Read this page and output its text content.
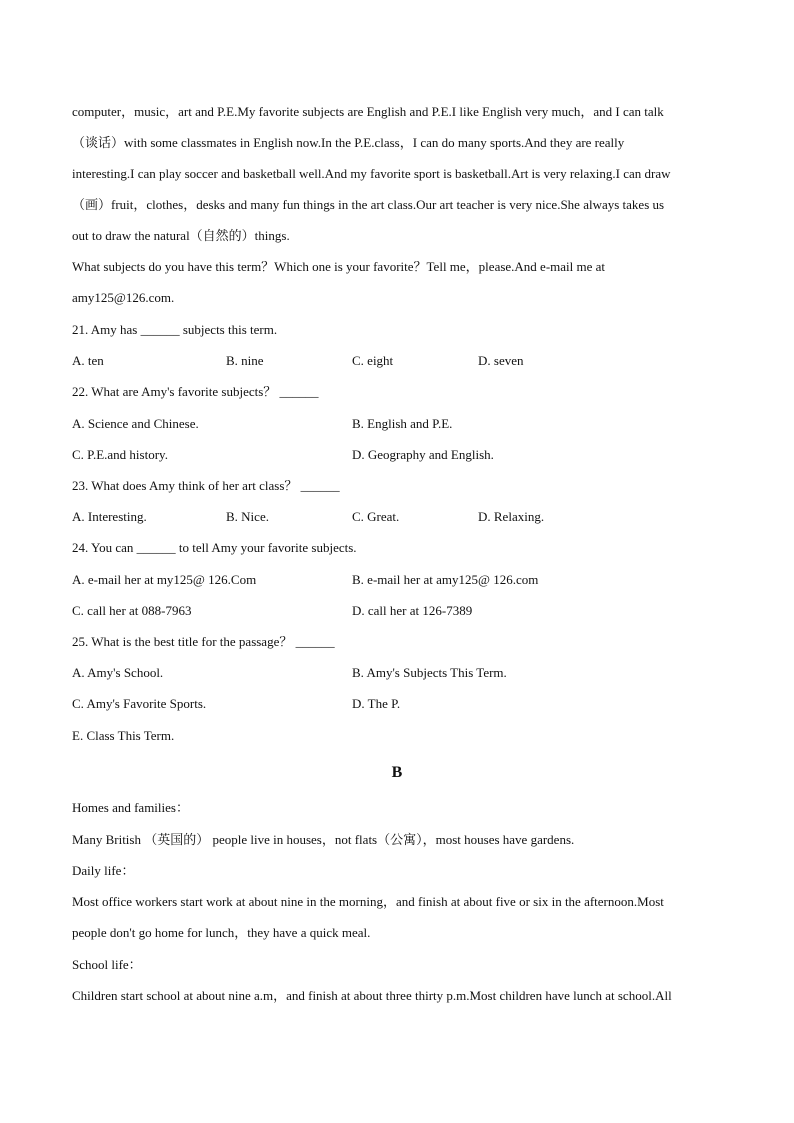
computer，music，art and P.E.My favorite subjects are English and P.E.I like English very much，and I can talk
（谈话）with some classmates in English now.In the P.E.class，I can do many sports.And they are really
interesting.I can play soccer and basketball well.And my favorite sport is basketball.Art is very relaxing.I can draw
（画）fruit，clothes，desks and many fun things in the art class.Our art teacher is very nice.She always takes us
out to draw the natural（自然的）things.
What subjects do you have this term？Which one is your favorite？Tell me，please.And e-mail me at
amy125@126.com.
21. Amy has ______ subjects this term.
A. ten	B. nine	C. eight	D. seven
22. What are Amy's favorite subjects？ ______
A. Science and Chinese.	B. English and P.E.
C. P.E.and history.	D. Geography and English.
23. What does Amy think of her art class？ ______
A. Interesting.	B. Nice.	C. Great.	D. Relaxing.
24. You can ______ to tell Amy your favorite subjects.
A. e-mail her at my125@ 126.Com	B. e-mail her at amy125@ 126.com
C. call her at 088-7963	D. call her at 126-7389
25. What is the best title for the passage？ ______
A. Amy's School.	B. Amy's Subjects This Term.
C. Amy's Favorite Sports.	D. The P.
E. Class This Term.
B
Homes and families：
Many British （英国的） people live in houses，not flats（公寓），most houses have gardens.
Daily life：
Most office workers start work at about nine in the morning，and finish at about five or six in the afternoon.Most
people don't go home for lunch，they have a quick meal.
School life：
Children start school at about nine a.m，and finish at about three thirty p.m.Most children have lunch at school.All
